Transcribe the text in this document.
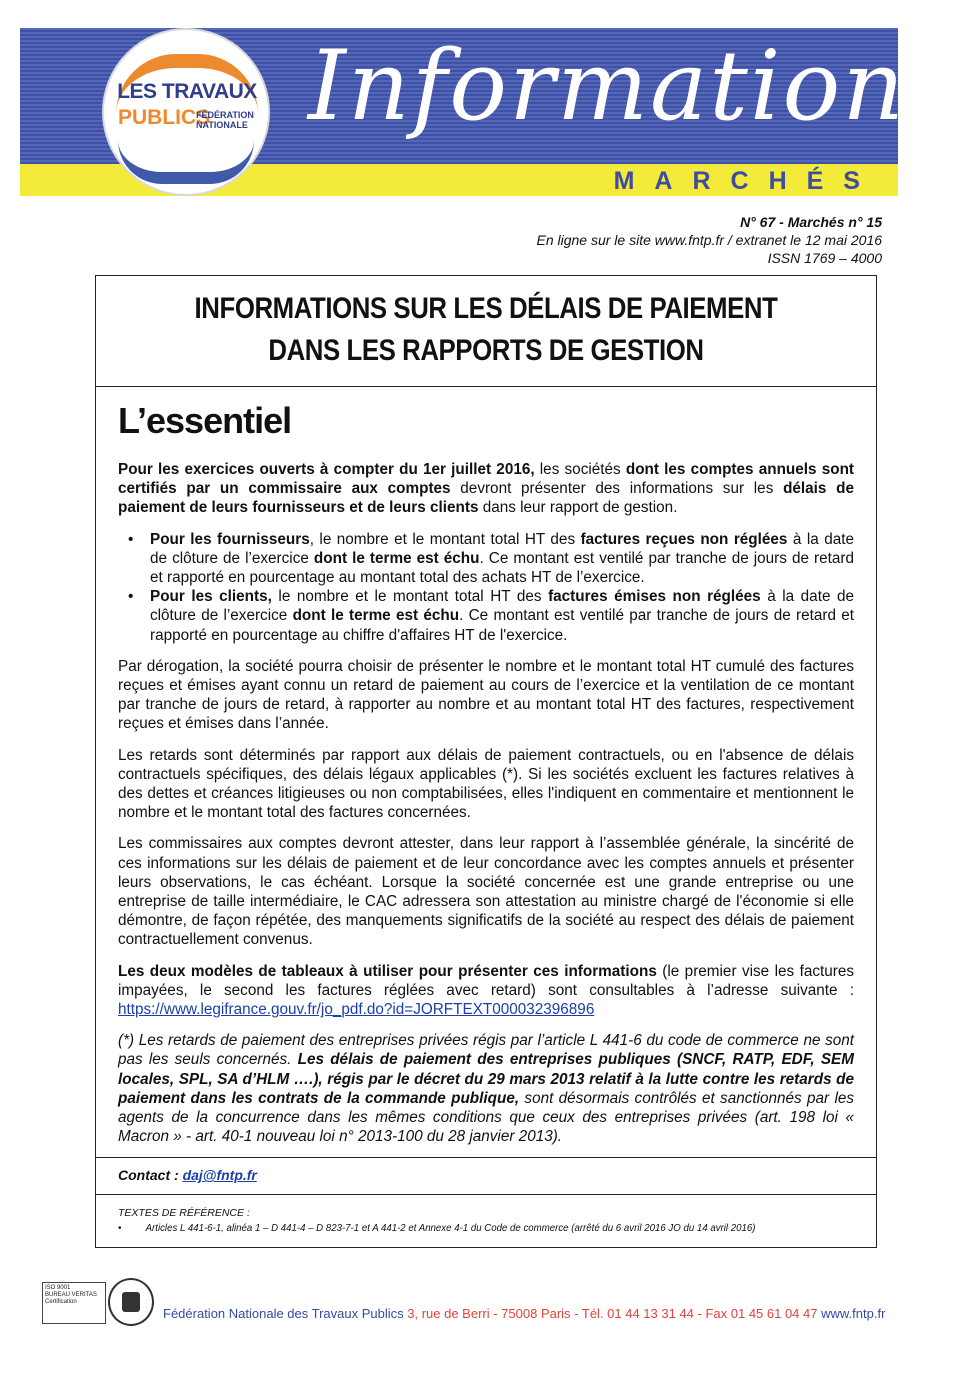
Informations
MARCHÉS
LES TRAVAUX
PUBLICS
FÉDÉRATION
NATIONALE
N° 67 - Marchés n° 15
En ligne sur le site www.fntp.fr / extranet le 12 mai 2016
ISSN 1769 – 4000
INFORMATIONS SUR LES DÉLAIS DE PAIEMENT
DANS LES RAPPORTS DE GESTION
L’essentiel

Pour les exercices ouverts à compter du 1er juillet 2016, les sociétés dont les comptes annuels sont certifiés par un commissaire aux comptes devront présenter des informations sur les délais de paiement de leurs fournisseurs et de leurs clients dans leur rapport de gestion.

• Pour les fournisseurs, le nombre et le montant total HT des factures reçues non réglées à la date de clôture de l’exercice dont le terme est échu. Ce montant est ventilé par tranche de jours de retard et rapporté en pourcentage au montant total des achats HT de l’exercice.
• Pour les clients, le nombre et le montant total HT des factures émises non réglées à la date de clôture de l’exercice dont le terme est échu. Ce montant est ventilé par tranche de jours de retard et rapporté en pourcentage au chiffre d'affaires HT de l'exercice.

Par dérogation, la société pourra choisir de présenter le nombre et le montant total HT cumulé des factures reçues et émises ayant connu un retard de paiement au cours de l’exercice et la ventilation de ce montant par tranche de jours de retard, à rapporter au nombre et au montant total HT des factures, respectivement reçues et émises dans l’année.

Les retards sont déterminés par rapport aux délais de paiement contractuels, ou en l'absence de délais contractuels spécifiques, des délais légaux applicables (*). Si les sociétés excluent les factures relatives à des dettes et créances litigieuses ou non comptabilisées, elles l'indiquent en commentaire et mentionnent le nombre et le montant total des factures concernées.

Les commissaires aux comptes devront attester, dans leur rapport à l’assemblée générale, la sincérité de ces informations sur les délais de paiement et de leur concordance avec les comptes annuels et présenter leurs observations, le cas échéant. Lorsque la société concernée est une grande entreprise ou une entreprise de taille intermédiaire, le CAC adressera son attestation au ministre chargé de l'économie si elle démontre, de façon répétée, des manquements significatifs de la société au respect des délais de paiement contractuellement convenus.

Les deux modèles de tableaux à utiliser pour présenter ces informations (le premier vise les factures impayées, le second les factures réglées avec retard) sont consultables à l’adresse suivante : https://www.legifrance.gouv.fr/jo_pdf.do?id=JORFTEXT000032396896

(*) Les retards de paiement des entreprises privées régis par l’article L 441-6 du code de commerce ne sont pas les seuls concernés. Les délais de paiement des entreprises publiques (SNCF, RATP, EDF, SEM locales, SPL, SA d’HLM ….), régis par le décret du 29 mars 2013 relatif à la lutte contre les retards de paiement dans les contrats de la commande publique, sont désormais contrôlés et sanctionnés par les agents de la concurrence dans les mêmes conditions que ceux des entreprises privées (art. 198 loi « Macron » - art. 40-1 nouveau loi n° 2013-100 du 28 janvier 2013).

Contact : daj@fntp.fr
TEXTES DE RÉFÉRENCE :
• Articles L 441-6-1, alinéa 1 – D 441-4 – D 823-7-1 et A 441-2 et Annexe 4-1 du Code de commerce (arrêté du 6 avril 2016 JO du 14 avril 2016)
ISO 9001
BUREAU VERITAS
Certification
Fédération Nationale des Travaux Publics 3, rue de Berri - 75008 Paris - Tél. 01 44 13 31 44 - Fax 01 45 61 04 47 www.fntp.fr
